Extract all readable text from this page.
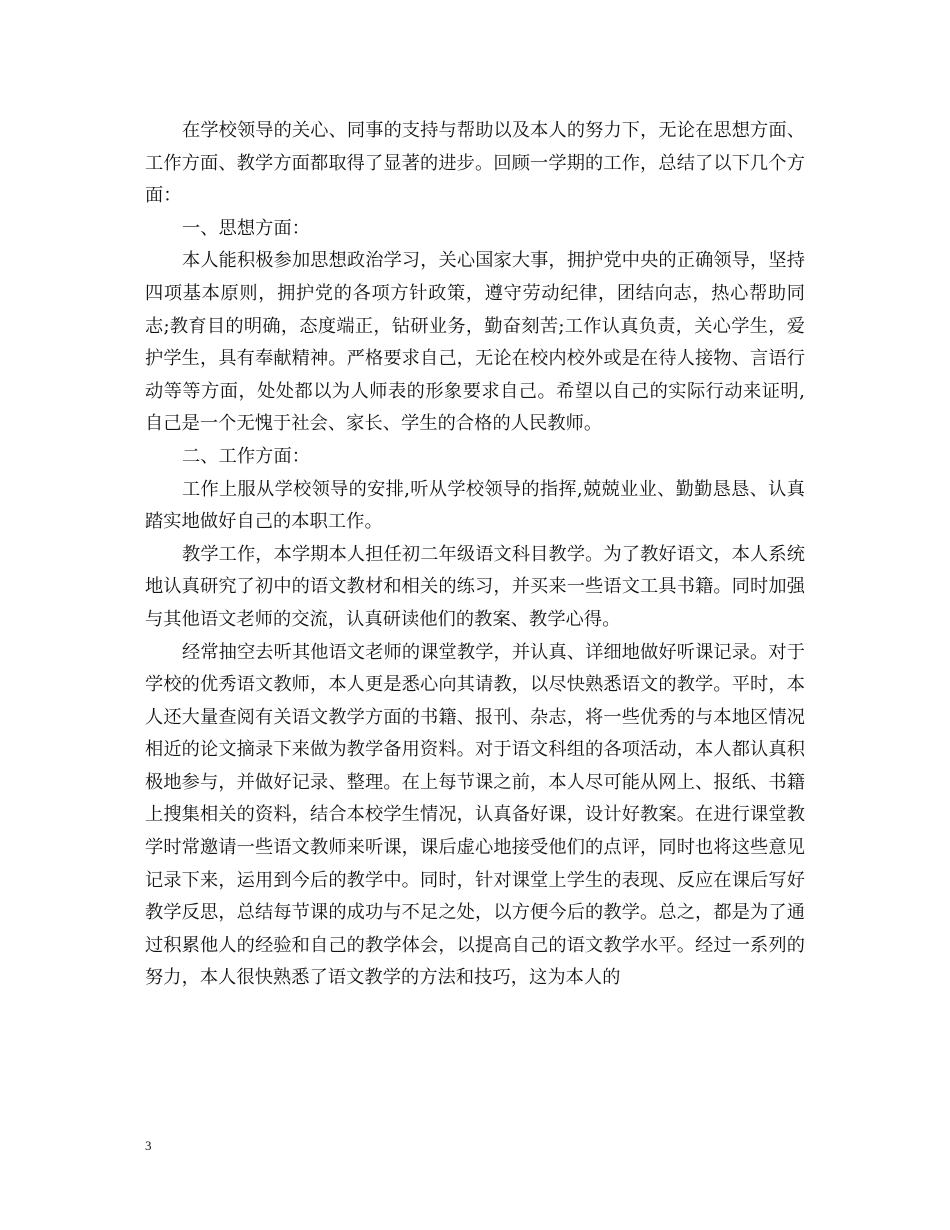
在学校领导的关心、同事的支持与帮助以及本人的努力下，无论在思想方面、工作方面、教学方面都取得了显著的进步。回顾一学期的工作，总结了以下几个方面：

一、思想方面：

本人能积极参加思想政治学习，关心国家大事，拥护党中央的正确领导，坚持四项基本原则，拥护党的各项方针政策，遵守劳动纪律，团结向志，热心帮助同志;教育目的明确，态度端正，钻研业务，勤奋刻苦;工作认真负责，关心学生，爱护学生，具有奉献精神。严格要求自己，无论在校内校外或是在待人接物、言语行动等等方面，处处都以为人师表的形象要求自己。希望以自己的实际行动来证明,自己是一个无愧于社会、家长、学生的合格的人民教师。

二、工作方面：

工作上服从学校领导的安排,听从学校领导的指挥,兢兢业业、勤勤恳恳、认真踏实地做好自己的本职工作。

教学工作，本学期本人担任初二年级语文科目教学。为了教好语文，本人系统地认真研究了初中的语文教材和相关的练习，并买来一些语文工具书籍。同时加强与其他语文老师的交流，认真研读他们的教案、教学心得。

经常抽空去听其他语文老师的课堂教学，并认真、详细地做好听课记录。对于学校的优秀语文教师，本人更是悉心向其请教，以尽快熟悉语文的教学。平时，本人还大量查阅有关语文教学方面的书籍、报刊、杂志，将一些优秀的与本地区情况相近的论文摘录下来做为教学备用资料。对于语文科组的各项活动，本人都认真积极地参与，并做好记录、整理。在上每节课之前，本人尽可能从网上、报纸、书籍上搜集相关的资料，结合本校学生情况，认真备好课，设计好教案。在进行课堂教学时常邀请一些语文教师来听课，课后虚心地接受他们的点评，同时也将这些意见记录下来，运用到今后的教学中。同时，针对课堂上学生的表现、反应在课后写好教学反思，总结每节课的成功与不足之处，以方便今后的教学。总之，都是为了通过积累他人的经验和自己的教学体会，以提高自己的语文教学水平。经过一系列的努力，本人很快熟悉了语文教学的方法和技巧，这为本人的

3
